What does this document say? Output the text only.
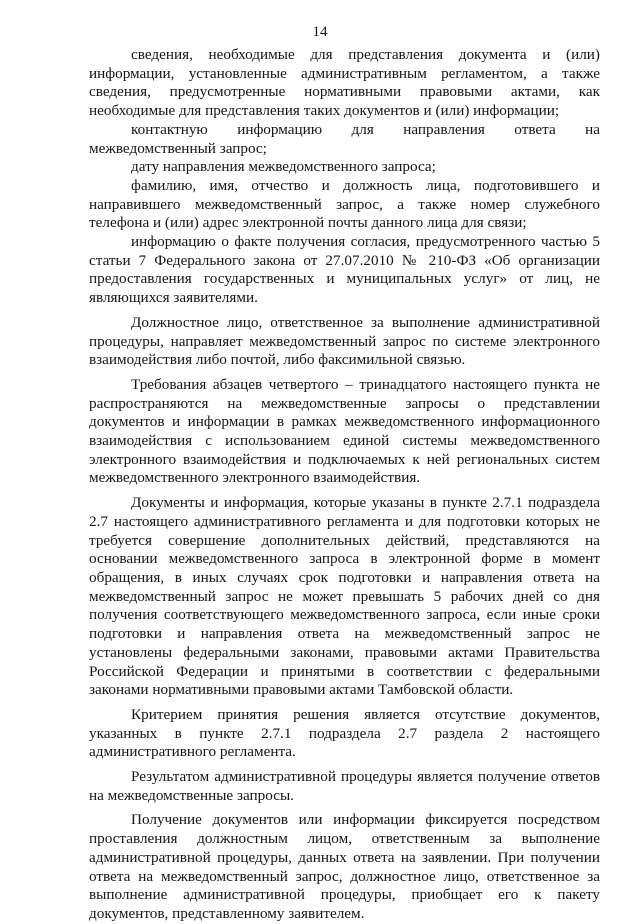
14

сведения, необходимые для представления документа и (или) информации, установленные административным регламентом, а также сведения, предусмотренные нормативными правовыми актами, как необходимые для представления таких документов и (или) информации;

контактную информацию для направления ответа на межведомственный запрос;

дату направления межведомственного запроса;

фамилию, имя, отчество и должность лица, подготовившего и направившего межведомственный запрос, а также номер служебного телефона и (или) адрес электронной почты данного лица для связи;

информацию о факте получения согласия, предусмотренного частью 5 статьи 7 Федерального закона от 27.07.2010 № 210-ФЗ «Об организации предоставления государственных и муниципальных услуг» от лиц, не являющихся заявителями.

Должностное лицо, ответственное за выполнение административной процедуры, направляет межведомственный запрос по системе электронного взаимодействия либо почтой, либо факсимильной связью.

Требования абзацев четвертого – тринадцатого настоящего пункта не распространяются на межведомственные запросы о представлении документов и информации в рамках межведомственного информационного взаимодействия с использованием единой системы межведомственного электронного взаимодействия и подключаемых к ней региональных систем межведомственного электронного взаимодействия.

Документы и информация, которые указаны в пункте 2.7.1 подраздела 2.7 настоящего административного регламента и для подготовки которых не требуется совершение дополнительных действий, представляются на основании межведомственного запроса в электронной форме в момент обращения, в иных случаях срок подготовки и направления ответа на межведомственный запрос не может превышать 5 рабочих дней со дня получения соответствующего межведомственного запроса, если иные сроки подготовки и направления ответа на межведомственный запрос не установлены федеральными законами, правовыми актами Правительства Российской Федерации и принятыми в соответствии с федеральными законами нормативными правовыми актами Тамбовской области.

Критерием принятия решения является отсутствие документов, указанных в пункте 2.7.1 подраздела 2.7 раздела 2 настоящего административного регламента.

Результатом административной процедуры является получение ответов на межведомственные запросы.

Получение документов или информации фиксируется посредством проставления должностным лицом, ответственным за выполнение административной процедуры, данных ответа на заявлении. При получении ответа на межведомственный запрос, должностное лицо, ответственное за выполнение административной процедуры, приобщает его к пакету документов, представленному заявителем.
